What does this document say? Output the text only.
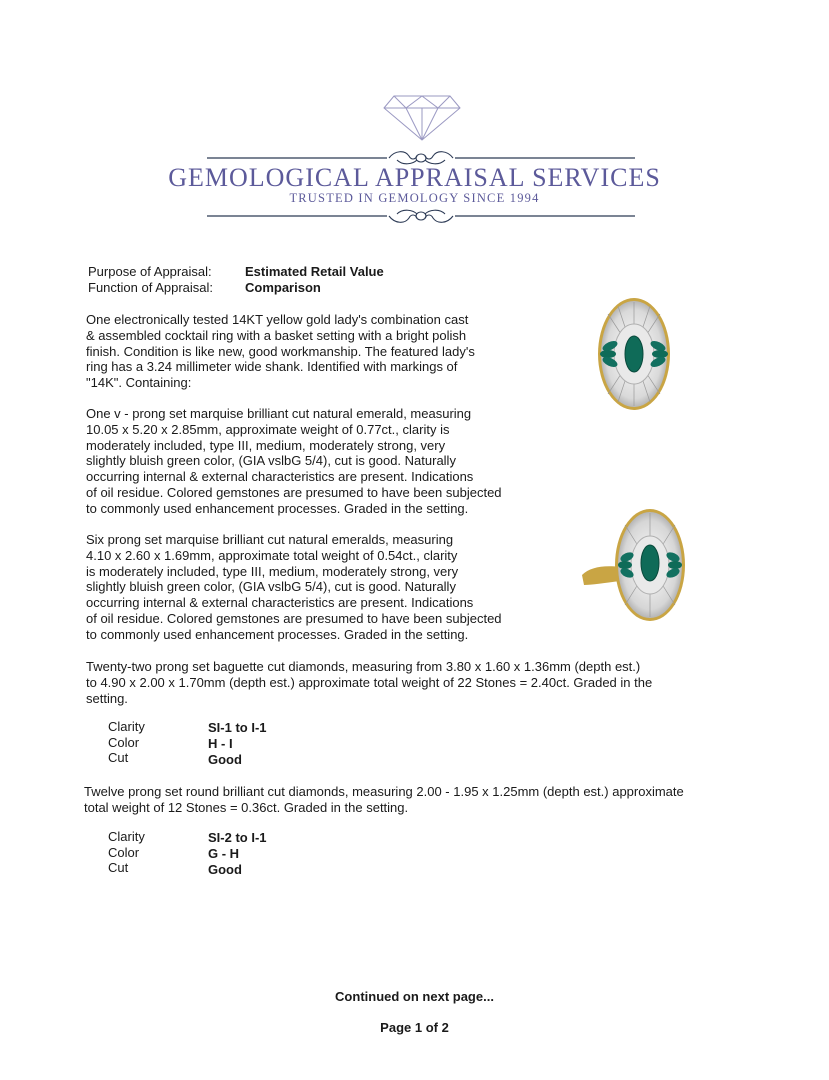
GEMOLOGICAL APPRAISAL SERVICES
TRUSTED IN GEMOLOGY SINCE 1994
Purpose of Appraisal:	Estimated Retail Value
Function of Appraisal: Comparison

One electronically tested 14KT yellow gold lady's combination cast
& assembled cocktail ring with a basket setting with a bright polish
finish. Condition is like new, good workmanship. The featured lady's
ring has a 3.24 millimeter wide shank. Identified with markings of
"14K". Containing:

One v - prong set marquise brilliant cut natural emerald, measuring
10.05 x 5.20 x 2.85mm, approximate weight of 0.77ct., clarity is
moderately included, type III, medium, moderately strong, very
slightly bluish green color, (GIA vslbG 5/4), cut is good. Naturally
occurring internal & external characteristics are present. Indications
of oil residue. Colored gemstones are presumed to have been subjected
to commonly used enhancement processes. Graded in the setting.

Six prong set marquise brilliant cut natural emeralds, measuring
4.10 x 2.60 x 1.69mm, approximate total weight of 0.54ct., clarity
is moderately included, type III, medium, moderately strong, very
slightly bluish green color, (GIA vslbG 5/4), cut is good. Naturally
occurring internal & external characteristics are present. Indications
of oil residue. Colored gemstones are presumed to have been subjected
to commonly used enhancement processes. Graded in the setting.

Twenty-two prong set baguette cut diamonds, measuring from 3.80 x 1.60 x 1.36mm (depth est.)
to 4.90 x 2.00 x 1.70mm (depth est.) approximate total weight of 22 Stones = 2.40ct. Graded in the
setting.

Clarity	SI-1 to I-1
Color	H - I
Cut	Good

Twelve prong set round brilliant cut diamonds, measuring 2.00 - 1.95 x 1.25mm (depth est.) approximate
total weight of 12 Stones = 0.36ct. Graded in the setting.

Clarity	SI-2 to I-1
Color	G - H
Cut	Good
Continued on next page...
Page 1 of 2
